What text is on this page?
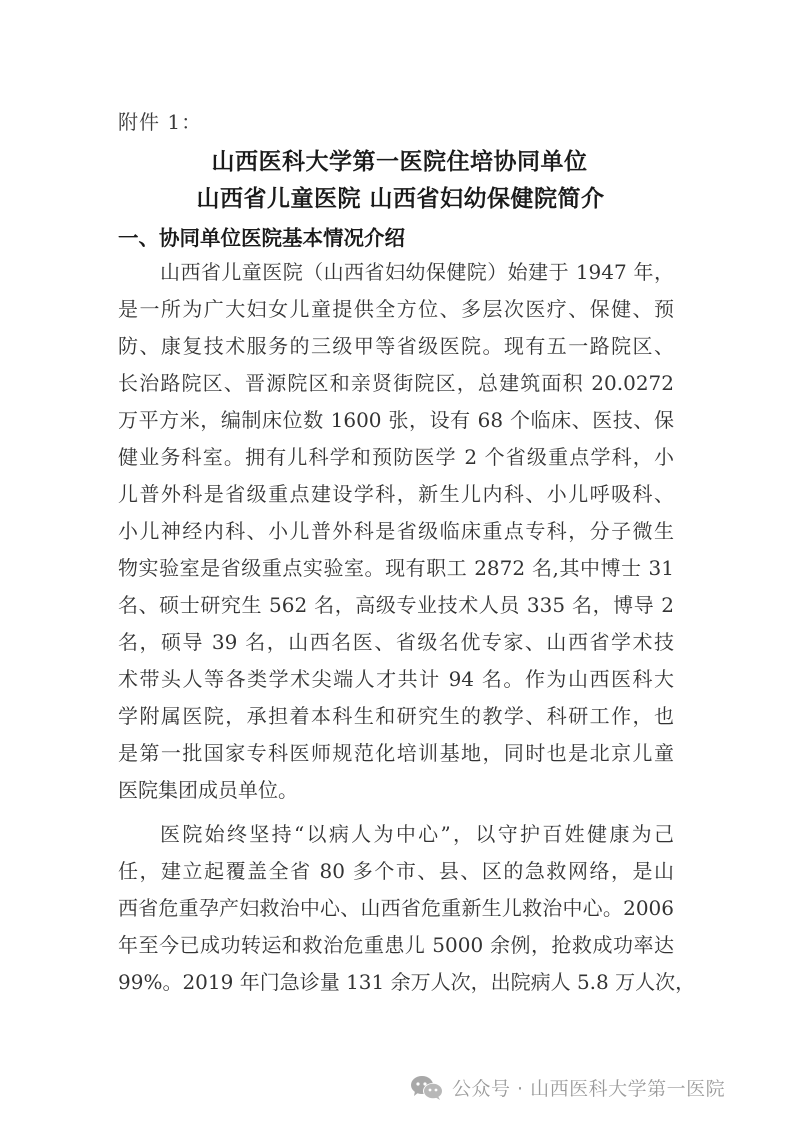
附件 1：
山西医科大学第一医院住培协同单位
山西省儿童医院 山西省妇幼保健院简介
一、协同单位医院基本情况介绍
山西省儿童医院（山西省妇幼保健院）始建于 1947 年，
是一所为广大妇女儿童提供全方位、多层次医疗、保健、预
防、康复技术服务的三级甲等省级医院。现有五一路院区、
长治路院区、晋源院区和亲贤街院区，总建筑面积 20.0272
万平方米，编制床位数 1600 张，设有 68 个临床、医技、保
健业务科室。拥有儿科学和预防医学 2 个省级重点学科，小
儿普外科是省级重点建设学科，新生儿内科、小儿呼吸科、
小儿神经内科、小儿普外科是省级临床重点专科，分子微生
物实验室是省级重点实验室。现有职工 2872 名,其中博士 31
名、硕士研究生 562 名，高级专业技术人员 335 名，博导 2
名，硕导 39 名，山西名医、省级名优专家、山西省学术技
术带头人等各类学术尖端人才共计 94 名。作为山西医科大
学附属医院，承担着本科生和研究生的教学、科研工作，也
是第一批国家专科医师规范化培训基地，同时也是北京儿童
医院集团成员单位。
医院始终坚持“以病人为中心”，以守护百姓健康为己
任，建立起覆盖全省 80 多个市、县、区的急救网络，是山
西省危重孕产妇救治中心、山西省危重新生儿救治中心。2006
年至今已成功转运和救治危重患儿 5000 余例，抢救成功率达
99%。2019 年门急诊量 131 余万人次，出院病人 5.8 万人次，
公众号 · 山西医科大学第一医院
